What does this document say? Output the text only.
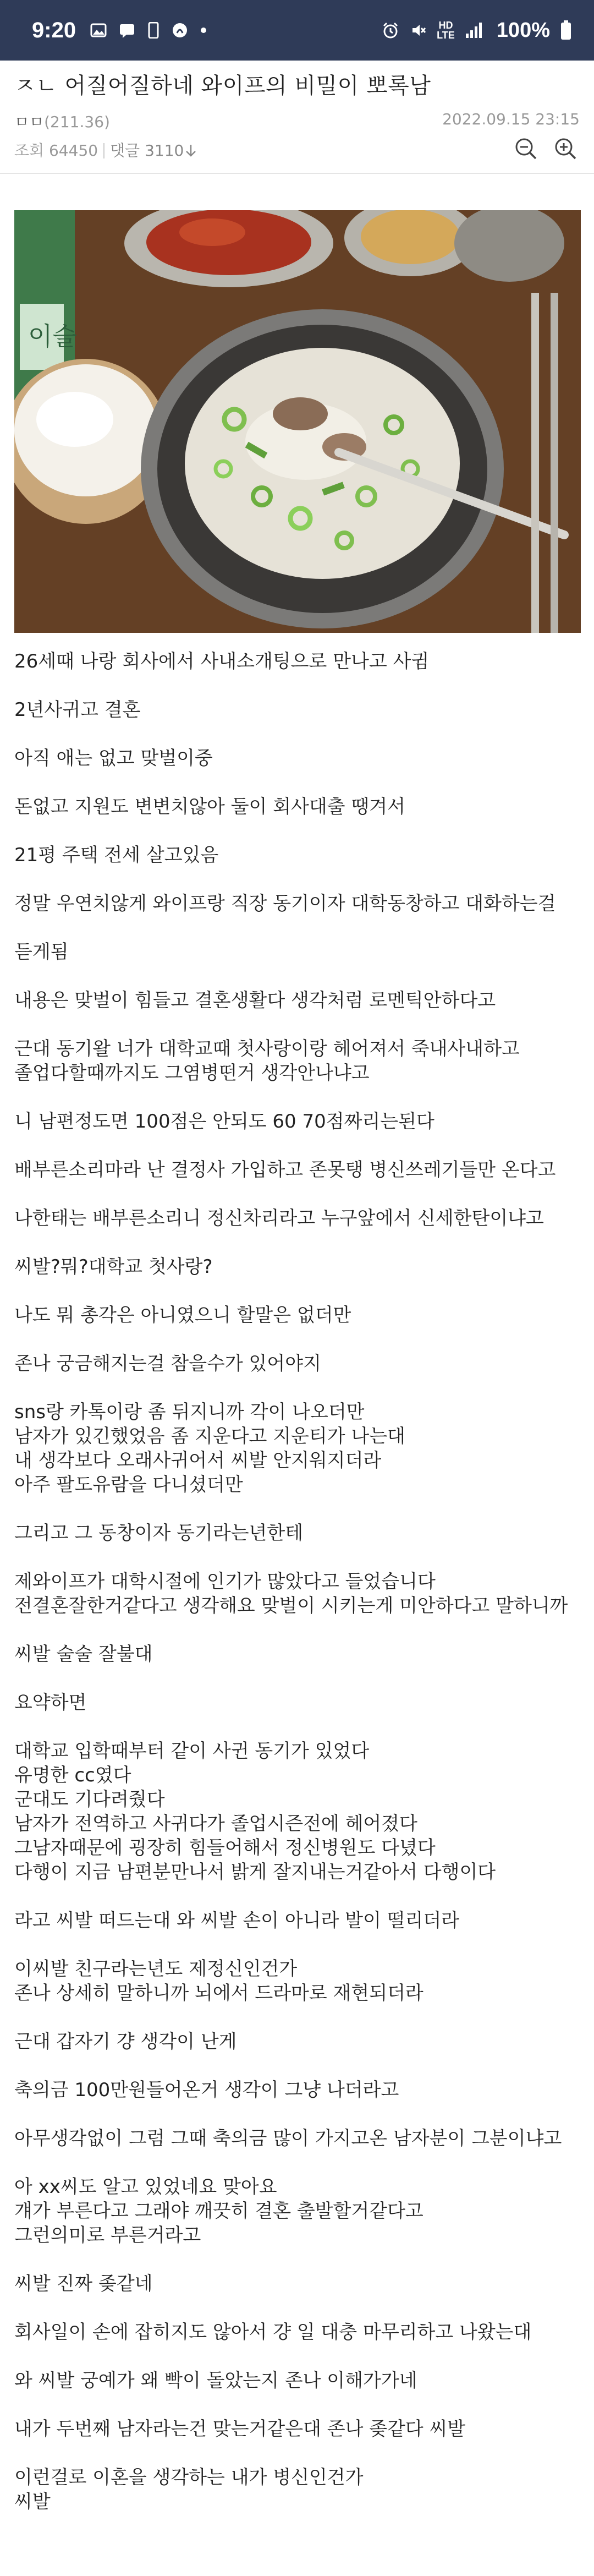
9:20	HD
LTE 100%
ㅈㄴ 어질어질하네 와이프의 비밀이 뽀록남
ㅁㅁ(211.36)	2022.09.15 23:15
조회 64450 댓글 3110
이슬
26세때 나랑 회사에서 사내소개팅으로 만나고 사귐
2년사귀고 결혼
아직 애는 없고 맞벌이중
돈없고 지원도 변변치않아 둘이 회사대출 땡겨서
21평 주택 전세 살고있음
정말 우연치않게 와이프랑 직장 동기이자 대학동창하고 대화하는걸
듣게됨
내용은 맞벌이 힘들고 결혼생활다 생각처럼 로멘틱안하다고
근대 동기왈 너가 대학교때 첫사랑이랑 헤어져서 죽내사내하고 졸업다할때까지도 그염병떤거 생각안나냐고
니 남편정도면 100점은 안되도 60 70점짜리는된다
배부른소리마라 난 결정사 가입하고 존못탱 병신쓰레기들만 온다고
나한태는 배부른소리니 정신차리라고 누구앞에서 신세한탄이냐고
씨발?뭐?대학교 첫사랑?
나도 뭐 총각은 아니였으니 할말은 없더만
존나 궁금해지는걸 참을수가 있어야지
sns랑 카톡이랑 좀 뒤지니까 각이 나오더만
남자가 있긴했었음 좀 지운다고 지운티가 나는대
내 생각보다 오래사귀어서 씨발 안지워지더라
아주 팔도유람을 다니셨더만
그리고 그 동창이자 동기라는년한테
제와이프가 대학시절에 인기가 많았다고 들었습니다
전결혼잘한거같다고 생각해요 맞벌이 시키는게 미안하다고 말하니까
씨발 술술 잘불대
요약하면
대학교 입학때부터 같이 사귄 동기가 있었다
유명한 cc였다
군대도 기다려줬다
남자가 전역하고 사귀다가 졸업시즌전에 헤어졌다
그남자때문에 굉장히 힘들어해서 정신병원도 다녔다
다행이 지금 남편분만나서 밝게 잘지내는거같아서 다행이다
라고 씨발 떠드는대 와 씨발 손이 아니라 발이 떨리더라
이씨발 친구라는년도 제정신인건가
존나 상세히 말하니까 뇌에서 드라마로 재현되더라
근대 갑자기 걍 생각이 난게
축의금 100만원들어온거 생각이 그냥 나더라고
아무생각없이 그럼 그때 축의금 많이 가지고온 남자분이 그분이냐고
아 xx씨도 알고 있었네요 맞아요
걔가 부른다고 그래야 깨끗히 결혼 출발할거같다고
그런의미로 부른거라고
씨발 진짜 좆같네
회사일이 손에 잡히지도 않아서 걍 일 대충 마무리하고 나왔는대
와 씨발 궁예가 왜 빡이 돌았는지 존나 이해가가네
내가 두번째 남자라는건 맞는거같은대 존나 좆같다 씨발
이런걸로 이혼을 생각하는 내가 병신인건가
씨발
